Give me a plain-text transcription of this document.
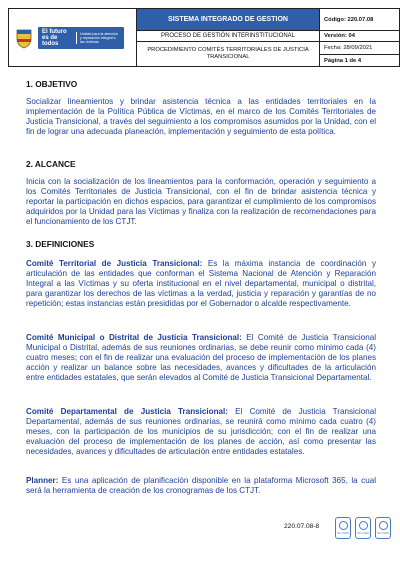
El futuro es de todos
Unidad para la atención y reparación integral a las víctimas
SISTEMA INTEGRADO DE GESTION
PROCESO DE GESTIÓN INTERINSTITUCIONAL
PROCEDIMIENTO COMITÉS TERRITORIALES DE JUSTICIA TRANSICIONAL
Código: 220.07.08
Versión: 04
Fecha: 28/09/2021
Página 1 de 4
1. OBJETIVO

Socializar lineamientos y brindar asistencia técnica a las entidades territoriales en la implementación de la Política Pública de Víctimas, en el marco de los Comités Territoriales de Justicia Transicional, a través del seguimiento a los compromisos asumidos por la Unidad, con el fin de lograr una adecuada planeación, implementación y seguimiento de esta política.

2. ALCANCE

Inicia con la socialización de los lineamientos para la conformación, operación y seguimiento a los Comités Territoriales de Justicia Transicional, con el fin de brindar asistencia técnica y reportar la participación en dichos espacios, para garantizar el cumplimiento de los compromisos adquiridos por la Unidad para las Víctimas y finaliza con la realización de recomendaciones para el funcionamiento de los CTJT.

3. DEFINICIONES

Comité Territorial de Justicia Transicional: Es la máxima instancia de coordinación y articulación de las entidades que conforman el Sistema Nacional de Atención y Reparación Integral a las Víctimas y su oferta institucional en el nivel departamental, municipal o distrital, para garantizar los derechos de las víctimas a la verdad, justicia y reparación y garantías de no repetición; estas instancias están presididas por el Gobernador o alcalde respectivamente.

Comité Municipal o Distrital de Justicia Transicional: El Comité de Justicia Transicional Municipal o Distrital, además de sus reuniones ordinarias, se debe reunir como mínimo cada (4) cuatro meses; con el fin de realizar una evaluación del proceso de implementación de los planes acción y realizar un balance sobre las necesidades, avances y dificultades de la articulación entre entidades estatales, que serán elevados al Comité de Justicia Transicional Departamental.

Comité Departamental de Justicia Transicional: El Comité de Justicia Transicional Departamental, además de sus reuniones ordinarias, se reunirá como mínimo cada cuatro (4) meses, con la participación de los municipios de su jurisdicción; con el fin de realizar una evaluación del proceso de implementación de los planes de acción, así como presentar las necesidades, avances y dificultades de articulación entre entidades estatales.

Planner: Es una aplicación de planificación disponible en la plataforma Microsoft 365, la cual será la herramienta de creación de los cronogramas de los CTJT.

220.07.08-8
SC-CER	SC-CER	SC-CER
